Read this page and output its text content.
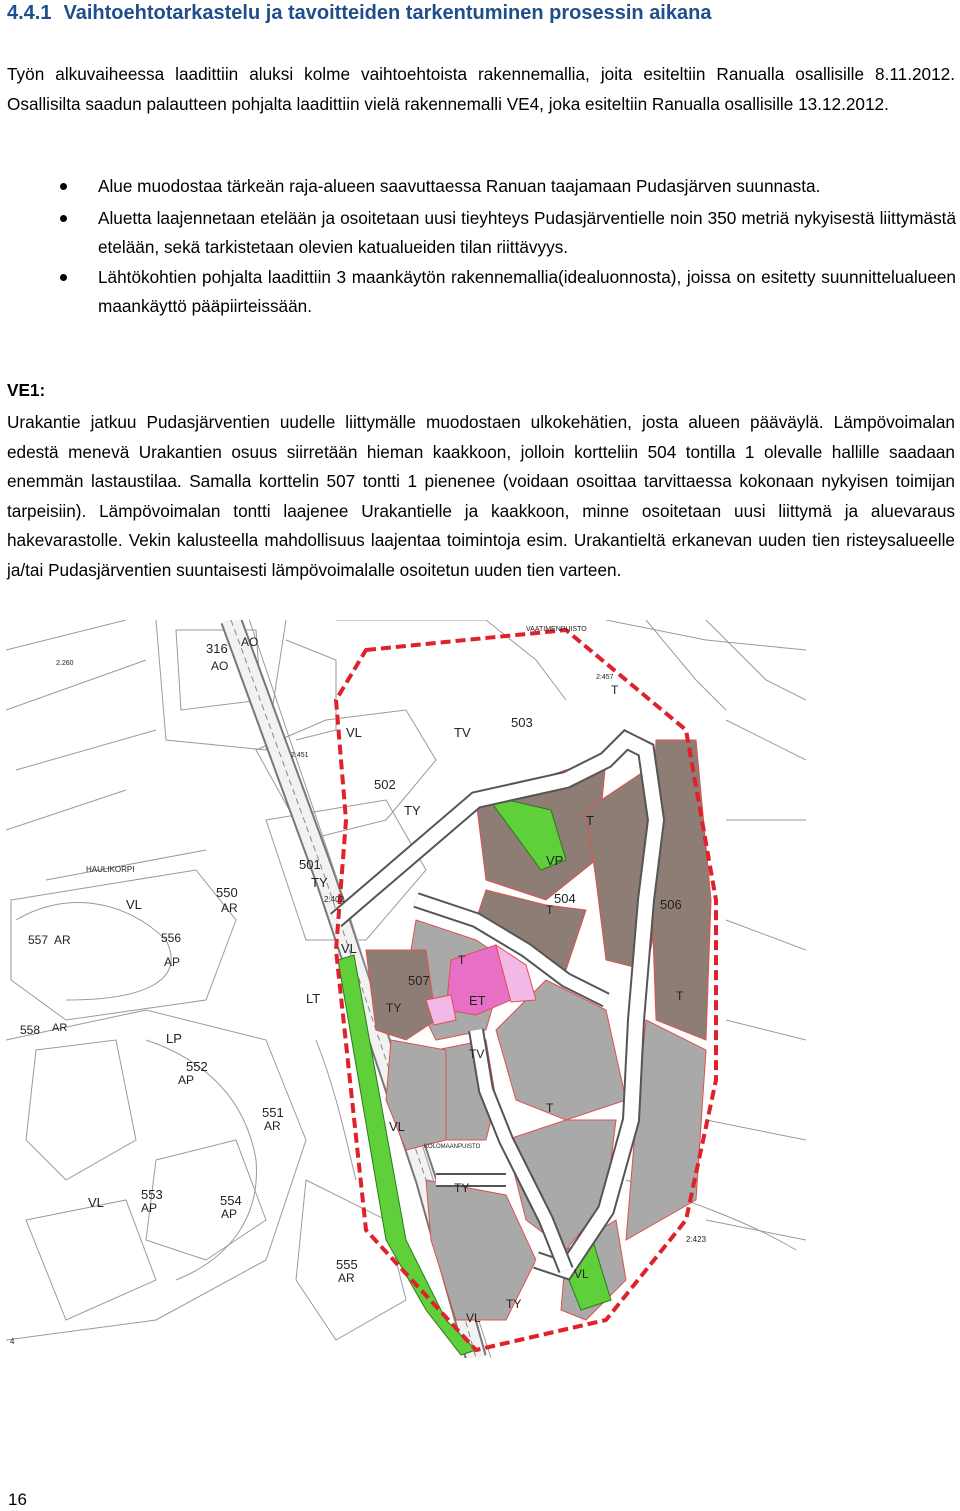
4.4.1 Vaihtoehtotarkastelu ja tavoitteiden tarkentuminen prosessin aikana

Työn alkuvaiheessa laadittiin aluksi kolme vaihtoehtoista rakennemallia, joita esiteltiin Ranualla osallisille 8.11.2012. Osallisilta saadun palautteen pohjalta laadittiin vielä rakennemalli VE4, joka esiteltiin Ranualla osallisille 13.12.2012.

Alue muodostaa tärkeän raja-alueen saavuttaessa Ranuan taajamaan Pudasjärven suunnasta.
Aluetta laajennetaan etelään ja osoitetaan uusi tieyhteys Pudasjärventielle noin 350 metriä nykyisestä liittymästä etelään, sekä tarkistetaan olevien katualueiden tilan riittävyys.
Lähtökohtien pohjalta laadittiin 3 maankäytön rakennemallia(idealuonnosta), joissa on esitetty suunnittelualueen maankäyttö pääpiirteissään.
VE1:

Urakantie jatkuu Pudasjärventien uudelle liittymälle muodostaen ulkokehätien, josta alueen pääväylä. Lämpövoimalan edestä menevä Urakantien osuus siirretään hieman kaakkoon, jolloin kortteliin 504 tontilla 1 olevalle hallille saadaan enemmän lastaustilaa. Samalla korttelin 507 tontti 1 pienenee (voidaan osoittaa tarvittaessa kokonaan nykyisen toimijan tarpeisiin). Lämpövoimalan tontti laajenee Urakantielle ja kaakkoon, minne osoitetaan uusi liittymä ja aluevaraus hakevarastolle. Vekin kalusteella mahdollisuus laajentaa toimintoja esim. Urakantieltä erkanevan uuden tien risteysalueelle ja/tai Pudasjärventien suuntaisesti lämpövoimalalle osoitetun uuden tien varteen.

316 AO
AO
VAATIMENPUISTO
2.260
2:457
T
VL	TV
503
2:451
502
TY
T
VP
501
TY
2:402
HAULIKORPI
550
AR
VL	504
T	506
557 AR	556
AP
VL
T
507
TY	ET	T
LT
558 AR
LP
552
AP
TV
551
AR
T
VL
KOLOMAANPUISTO
TY
VL
553
AP	554
AP
2:423
555
AR	VL
VL
TY
4
16
